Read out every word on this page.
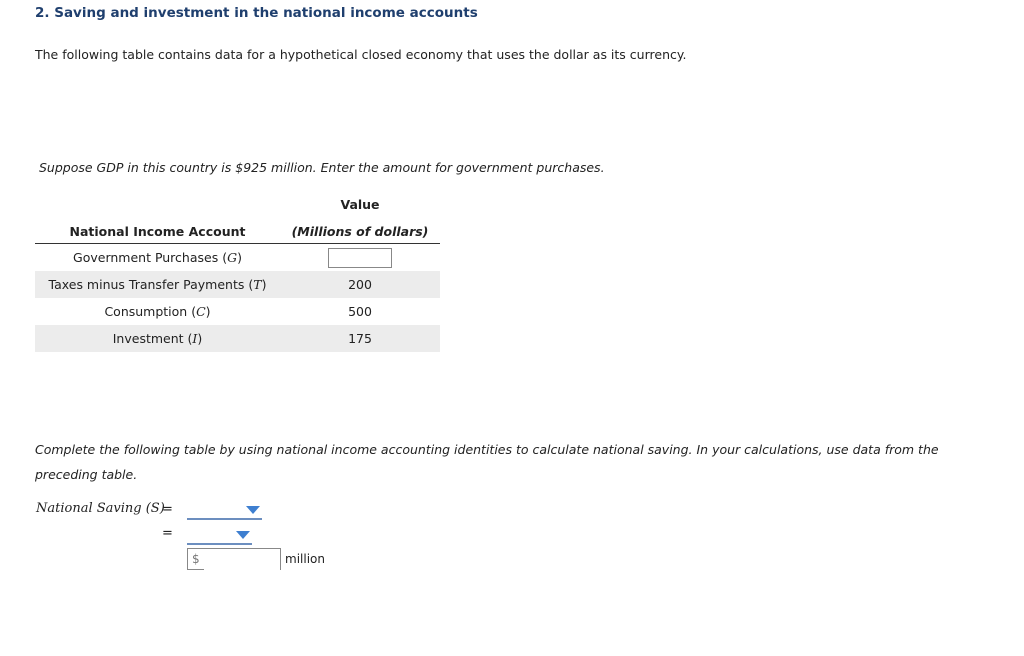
2. Saving and investment in the national income accounts
The following table contains data for a hypothetical closed economy that uses the dollar as its currency.
Suppose GDP in this country is $925 million. Enter the amount for government purchases.
	Value
National Income Account	(Millions of dollars)
Government Purchases (G)	
Taxes minus Transfer Payments (T)	200
Consumption (C)	500
Investment (I)	175
Complete the following table by using national income accounting identities to calculate national saving. In your calculations, use data from the preceding table.
National Saving (S)
=
=
$	million
